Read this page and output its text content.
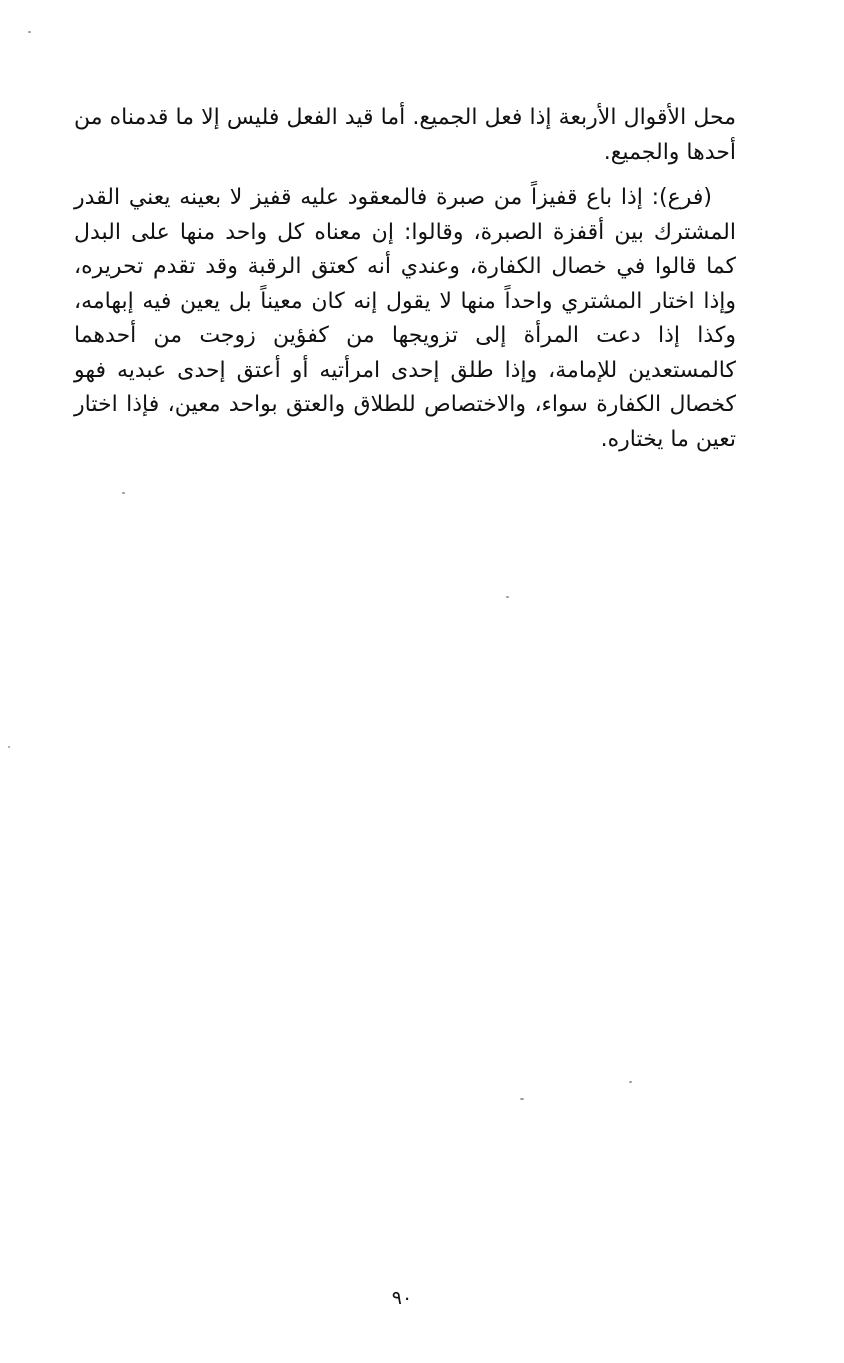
محل الأقوال الأربعة إذا فعل الجميع. أما قيد الفعل فليس إلا ما قدمناه من أحدها والجميع.

(فرع): إذا باع قفيزاً من صبرة فالمعقود عليه قفيز لا بعينه يعني القدر المشترك بين أقفزة الصبرة، وقالوا: إن معناه كل واحد منها على البدل كما قالوا في خصال الكفارة، وعندي أنه كعتق الرقبة وقد تقدم تحريره، وإذا اختار المشتري واحداً منها لا يقول إنه كان معيناً بل يعين فيه إبهامه، وكذا إذا دعت المرأة إلى تزويجها من كفؤين زوجت من أحدهما كالمستعدين للإمامة، وإذا طلق إحدى امرأتيه أو أعتق إحدى عبديه فهو كخصال الكفارة سواء، والاختصاص للطلاق والعتق بواحد معين، فإذا اختار تعين ما يختاره.

٩٠
